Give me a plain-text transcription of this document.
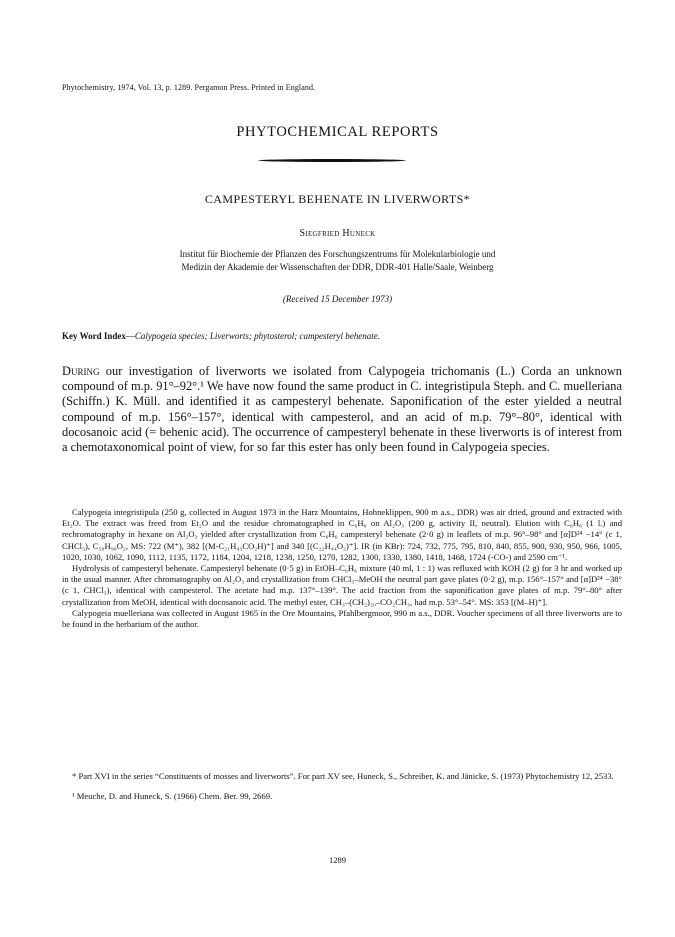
Phytochemistry, 1974, Vol. 13, p. 1289. Pergamon Press. Printed in England.
PHYTOCHEMICAL REPORTS
CAMPESTERYL BEHENATE IN LIVERWORTS*
Siegfried Huneck
Institut für Biochemie der Pflanzen des Forschungszentrums für Molekularbiologie und
Medizin der Akademie der Wissenschaften der DDR, DDR-401 Halle/Saale, Weinberg
(Received 15 December 1973)
Key Word Index—Calypogeia species; Liverworts; phytosterol; campesteryl behenate.
During our investigation of liverworts we isolated from Calypogeia trichomanis (L.) Corda an unknown compound of m.p. 91°–92°.¹ We have now found the same product in C. integristipula Steph. and C. muelleriana (Schiffn.) K. Müll. and identified it as campesteryl behenate. Saponification of the ester yielded a neutral compound of m.p. 156°–157°, identical with campesterol, and an acid of m.p. 79°–80°, identical with docosanoic acid (= behenic acid). The occurrence of campesteryl behenate in these liverworts is of interest from a chemotaxonomical point of view, for so far this ester has only been found in Calypogeia species.

Calypogeia integristipula (250 g, collected in August 1973 in the Harz Mountains, Hohneklippen, 900 m a.s., DDR) was air dried, ground and extracted with Et₂O. The extract was freed from Et₂O and the residue chromatographed in C₆H₆ on Al₂O₃ (200 g, activity II, neutral). Elution with C₆H₆ (1 l.) and rechromatography in hexane on Al₂O₃ yielded after crystallization from C₆H₆ campesteryl behenate (2·0 g) in leaflets of m.p. 96°–98° and [α]D²⁴ −14° (c 1, CHCl₃), C₅₀H₉₀O₂, MS: 722 (M⁺), 382 [(M-C₂₁H₄₃CO₂H)⁺] and 340 [(C₂₂H₄₄O₂)⁺]. IR (in KBr): 724, 732, 775, 795, 810, 840, 855, 900, 930, 950, 966, 1005, 1020, 1030, 1062, 1090, 1112, 1135, 1172, 1184, 1204, 1218, 1238, 1250, 1270, 1282, 1300, 1330, 1380, 1418, 1468, 1724 (-CO-) and 2590 cm⁻¹.

Hydrolysis of campesteryl behenate. Campesteryl behenate (0·5 g) in EtOH–C₆H₆ mixture (40 ml, 1 : 1) was refluxed with KOH (2 g) for 3 hr and worked up in the usual manner. After chromatography on Al₂O₃ and crystallization from CHCl₃–MeOH the neutral part gave plates (0·2 g), m.p. 156°–157° and [α]D²⁴ −38° (c 1, CHCl₃), identical with campesterol. The acetate had m.p. 137°–139°. The acid fraction from the saponification gave plates of m.p. 79°–80° after crystallization from MeOH, identical with docosanoic acid. The methyl ester, CH₃–(CH₂)₂₀–CO₂CH₃, had m.p. 53°–54°. MS: 353 [(M–H)⁺].

Calypogeia muelleriana was collected in August 1965 in the Ore Mountains, Pfahlbergmoor, 990 m a.s., DDR. Voucher specimens of all three liverworts are to be found in the herbarium of the author.

* Part XVI in the series “Constituents of mosses and liverworts”. For part XV see, Huneck, S., Schreiber, K. and Jänicke, S. (1973) Phytochemistry 12, 2533.

¹ Meuche, D. and Huneck, S. (1966) Chem. Ber. 99, 2669.

1289
